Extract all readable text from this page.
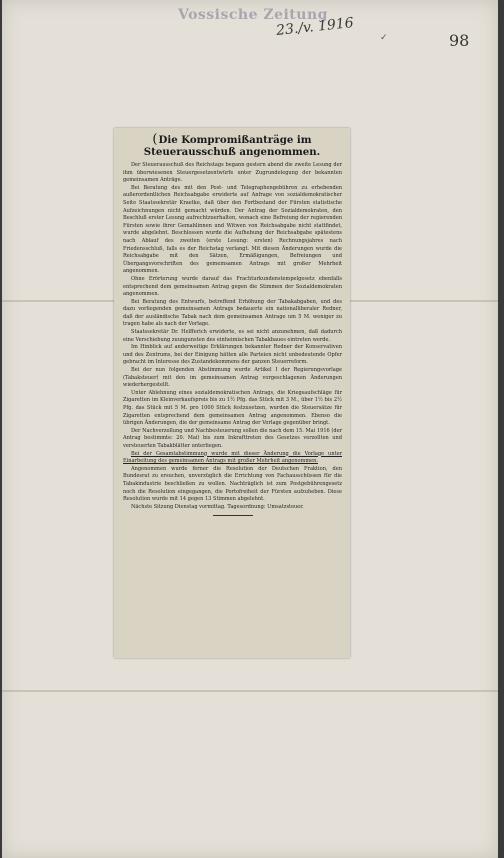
Vossische Zeitung
23./v. 1916	✓	98
(Die Kompromißanträge im Steuerausschuß angenommen.

Der Steuerausschuß des Reichstags begann gestern abend die zweite Lesung der ihm überwiesenen Steuergesetzentwürfe unter Zugrundelegung der bekannten gemeinsamen Anträge.

Bei Beratung des mit den Post- und Telegraphengebühren zu erhebenden außerordentlichen Reichsabgabe erwiderte auf Anfrage von sozialdemokratischer Seite Staatssekretär Kraetke, daß über den Fortbestand der Fürsten statistische Aufzeichnungen nicht gemacht würden. Der Antrag der Sozialdemokraten, den Beschluß erster Lesung aufrechtzuerhalten, wonach eine Befreiung der regierenden Fürsten sowie ihrer Gemahlinnen und Witwen von Reichsabgabe nicht stattfindet, wurde abgelehnt. Beschlossen wurde die Aufhebung der Reichsabgabe spätestens nach Ablauf des zweiten (erste Lesung: ersten) Rechnungsjahres nach Friedensschluß, falls es der Reichstag verlangt. Mit diesen Änderungen wurde die Reichsabgabe mit den Sätzen, Ermäßigungen, Befreiungen und Übergangsvorschriften des gemeinsamen Antrags mit großer Mehrheit angenommen.

Ohne Erörterung wurde darauf das Frachturkundenstempelgesetz ebenfalls entsprechend dem gemeinsamen Antrag gegen die Stimmen der Sozialdemokraten angenommen.

Bei Beratung des Entwurfs, betreffend Erhöhung der Tabakabgaben, und des dazu vorliegenden gemeinsamen Antrags bedauerte ein nationalliberaler Redner, daß der ausländische Tabak nach dem gemeinsamen Antrage um 5 M. weniger zu tragen habe als nach der Vorlage.

Staatssekretär Dr. Helfferich erwiderte, es sei nicht anzunehmen, daß dadurch eine Verschiebung zuungunsten des einheimischen Tabakbaues eintreten werde.

Im Hinblick auf anderweitige Erklärungen bekannter Redner der Konservativen und des Zentrums, bei der Einigung hätten alle Parteien nicht unbedeutende Opfer gebracht im Interesse des Zustandekommens der ganzen Steuerreform.

Bei der nun folgenden Abstimmung wurde Artikel I der Regierungsvorlage (Tabaksteuer) mit den im gemeinsamen Antrag vorgeschlagenen Änderungen wiederhergestellt.

Unter Ablehnung eines sozialdemokratischen Antrags, die Kriegsaufschläge für Zigaretten im Kleinverkaufspreis bis zu 1½ Pfg. das Stück mit 3 M., über 1½ bis 2½ Pfg. das Stück mit 5 M. pro 1000 Stück festzusetzen, wurden die Steuersätze für Zigaretten entsprechend dem gemeinsamen Antrag angenommen. Ebenso die übrigen Änderungen, die der gemeinsame Antrag der Vorlage gegenüber bringt.

Der Nachverzollung und Nachbesteuerung sollen die nach dem 15. Mai 1916 (der Antrag bestimmte: 20. Mai) bis zum Inkrafttreten des Gesetzes verzollten und versteuerten Tabakblätter unterliegen.

Bei der Gesamtabstimmung wurde mit dieser Änderung die Vorlage unter Einarbeitung des gemeinsamen Antrags mit großer Mehrheit angenommen.

Angenommen wurde ferner die Resolution der Deutschen Fraktion, den Bundesrat zu ersuchen, unverzüglich die Errichtung von Fachausschüssen für die Tabakindustrie beschließen zu wollen. Nachträglich ist zum Postgebührengesetz noch die Resolution eingegangen, die Portofreiheit der Fürsten aufzuheben. Diese Resolution wurde mit 14 gegen 13 Stimmen abgelehnt.

Nächste Sitzung Dienstag vormittag. Tagesordnung: Umsatzsteuer.
